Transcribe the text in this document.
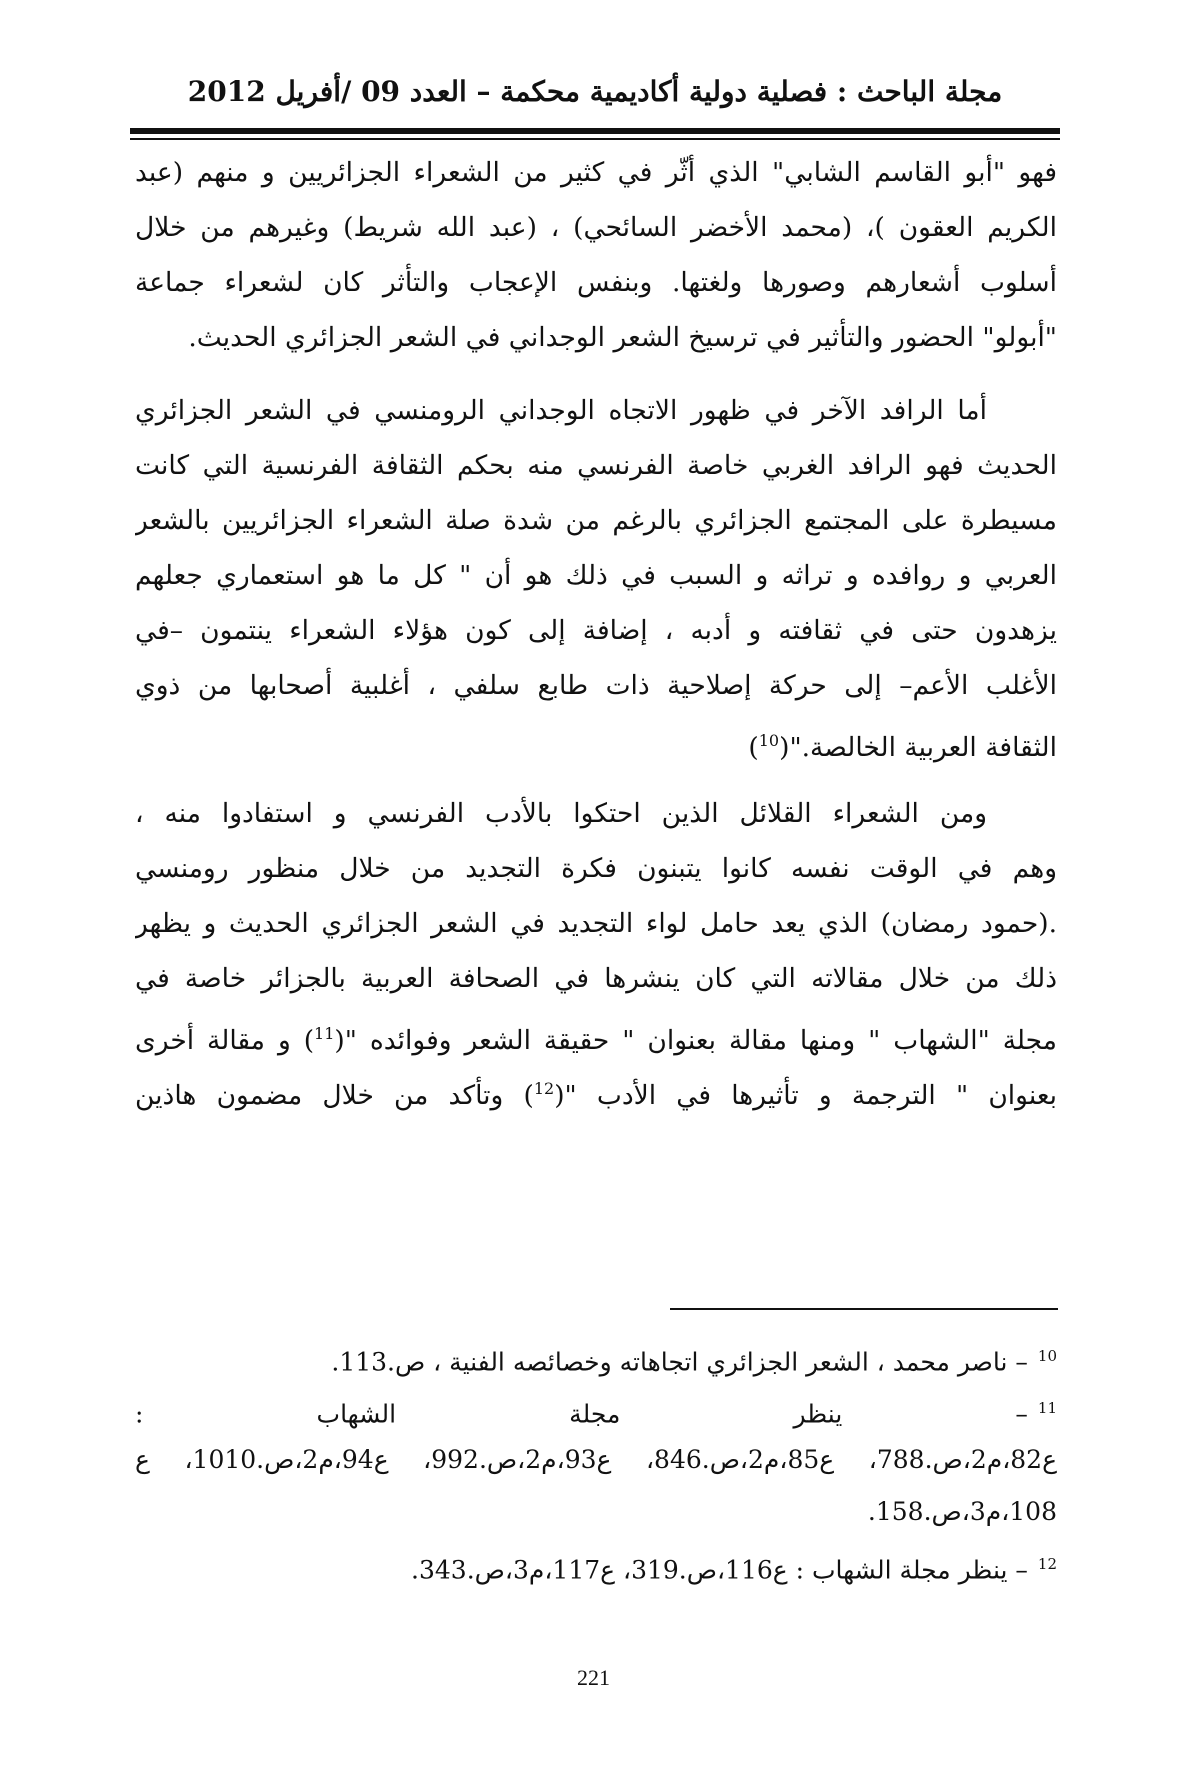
مجلة الباحث : فصلية دولية أكاديمية محكمة – العدد 09 /أفريل 2012
فهو "أبو القاسم الشابي" الذي أثّر في كثير من الشعراء الجزائريين و منهم (عبد
الكريم العقون )، (محمد الأخضر السائحي) ، (عبد الله شريط) وغيرهم من خلال
أسلوب أشعارهم وصورها ولغتها. وبنفس الإعجاب والتأثر كان لشعراء جماعة
"أبولو" الحضور والتأثير في ترسيخ الشعر الوجداني في الشعر الجزائري الحديث.
أما الرافد الآخر في ظهور الاتجاه الوجداني الرومنسي في الشعر الجزائري
الحديث فهو الرافد الغربي خاصة الفرنسي منه بحكم الثقافة الفرنسية التي كانت
مسيطرة على المجتمع الجزائري بالرغم من شدة صلة الشعراء الجزائريين بالشعر
العربي و روافده و تراثه و السبب في ذلك هو أن " كل ما هو استعماري جعلهم
يزهدون حتى في ثقافته و أدبه ، إضافة إلى كون هؤلاء الشعراء ينتمون –في
الأغلب الأعم– إلى حركة إصلاحية ذات طابع سلفي ، أغلبية أصحابها من ذوي
الثقافة العربية الخالصة."($^{10}$)
ومن الشعراء القلائل الذين احتكوا بالأدب الفرنسي و استفادوا منه ،
وهم في الوقت نفسه كانوا يتبنون فكرة التجديد من خلال منظور رومنسي
.(حمود رمضان) الذي يعد حامل لواء التجديد في الشعر الجزائري الحديث و يظهر
ذلك من خلال مقالاته التي كان ينشرها في الصحافة العربية بالجزائر خاصة في
مجلة "الشهاب " ومنها مقالة بعنوان " حقيقة الشعر وفوائده "($^{11}$) و مقالة أخرى
بعنوان " الترجمة و تأثيرها في الأدب "($^{12}$) وتأكد من خلال مضمون هاذين
$^{10}$– ناصر محمد ، الشعر الجزائري اتجاهاته وخصائصه الفنية ، ص.113.
$^{11}$– ينظر مجلة الشهاب :
ع82،م2،ص.788، ع85،م2،ص.846، ع93،م2،ص.992، ع94،م2،ص.1010، ع
108،م3،ص.158.
$^{12}$– ينظر مجلة الشهاب : ع116،ص.319، ع117،م3،ص.343.
221
